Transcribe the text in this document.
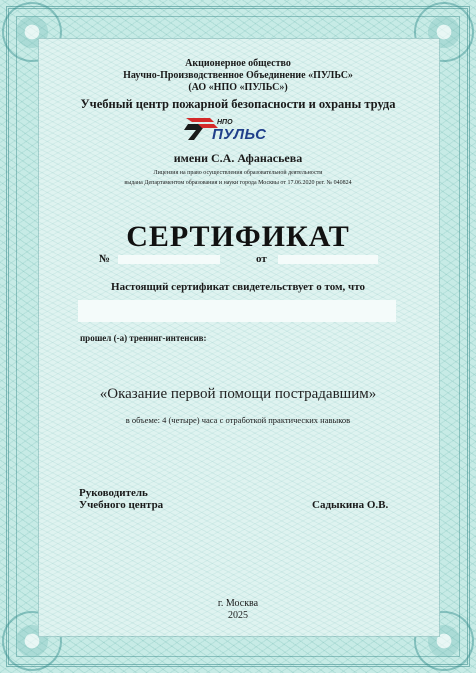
Акционерное общество
Научно-Производственное Объединение «ПУЛЬС»
(АО «НПО «ПУЛЬС»)
Учебный центр пожарной безопасности и охраны труда
НПО
ПУЛЬС
имени С.А. Афанасьева
Лицензия на право осуществления образовательной деятельности
выдана Департаментом образования и науки города Москвы от 17.06.2020 рег. № 040824
СЕРТИФИКАТ
№	от
Настоящий сертификат свидетельствует о том, что
прошел (-а) тренинг-интенсив:
«Оказание первой помощи пострадавшим»
в объеме: 4 (четыре) часа с отработкой практических навыков
Руководитель
Учебного центра	Садыкина О.В.
г. Москва
2025
